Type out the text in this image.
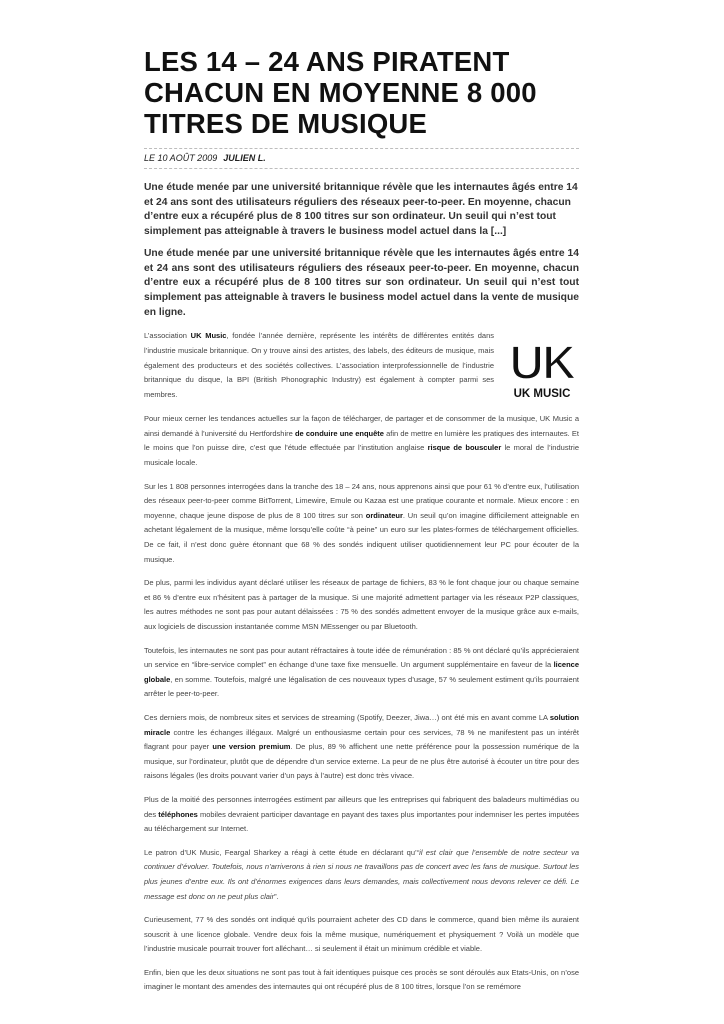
LES 14 – 24 ANS PIRATENT CHACUN EN MOYENNE 8 000 TITRES DE MUSIQUE
LE 10 AOÛT 2009 JULIEN L.

Une étude menée par une université britannique révèle que les internautes âgés entre 14 et 24 ans sont des utilisateurs réguliers des réseaux peer-to-peer. En moyenne, chacun d’entre eux a récupéré plus de 8 100 titres sur son ordinateur. Un seuil qui n’est tout simplement pas atteignable à travers le business model actuel dans la [...]

Une étude menée par une université britannique révèle que les internautes âgés entre 14 et 24 ans sont des utilisateurs réguliers des réseaux peer-to-peer. En moyenne, chacun d’entre eux a récupéré plus de 8 100 titres sur son ordinateur. Un seuil qui n’est tout simplement pas atteignable à travers le business model actuel dans la vente de musique en ligne.

UK
UK MUSIC

L’association UK Music, fondée l’année dernière, représente les intérêts de différentes entités dans l’industrie musicale britannique. On y trouve ainsi des artistes, des labels, des éditeurs de musique, mais également des producteurs et des sociétés collectives. L’association interprofessionnelle de l’industrie britannique du disque, la BPI (British Phonographic Industry) est également à compter parmi ses membres.

Pour mieux cerner les tendances actuelles sur la façon de télécharger, de partager et de consommer de la musique, UK Music a ainsi demandé à l’université du Hertfordshire de conduire une enquête afin de mettre en lumière les pratiques des internautes. Et le moins que l’on puisse dire, c’est que l’étude effectuée par l’institution anglaise risque de bousculer le moral de l’industrie musicale locale.

Sur les 1 808 personnes interrogées dans la tranche des 18 – 24 ans, nous apprenons ainsi que pour 61 % d’entre eux, l’utilisation des réseaux peer-to-peer comme BitTorrent, Limewire, Emule ou Kazaa est une pratique courante et normale. Mieux encore : en moyenne, chaque jeune dispose de plus de 8 100 titres sur son ordinateur. Un seuil qu’on imagine difficilement atteignable en achetant légalement de la musique, même lorsqu’elle coûte “à peine” un euro sur les plates-formes de téléchargement officielles. De ce fait, il n’est donc guère étonnant que 68 % des sondés indiquent utiliser quotidiennement leur PC pour écouter de la musique.

De plus, parmi les individus ayant déclaré utiliser les réseaux de partage de fichiers, 83 % le font chaque jour ou chaque semaine et 86 % d’entre eux n’hésitent pas à partager de la musique. Si une majorité admettent partager via les réseaux P2P classiques, les autres méthodes ne sont pas pour autant délaissées : 75 % des sondés admettent envoyer de la musique grâce aux e-mails, aux logiciels de discussion instantanée comme MSN MEssenger ou par Bluetooth.

Toutefois, les internautes ne sont pas pour autant réfractaires à toute idée de rémunération : 85 % ont déclaré qu’ils apprécieraient un service en “libre-service complet” en échange d’une taxe fixe mensuelle. Un argument supplémentaire en faveur de la licence globale, en somme. Toutefois, malgré une légalisation de ces nouveaux types d’usage, 57 % seulement estiment qu’ils pourraient arrêter le peer-to-peer.

Ces derniers mois, de nombreux sites et services de streaming (Spotify, Deezer, Jiwa…) ont été mis en avant comme LA solution miracle contre les échanges illégaux. Malgré un enthousiasme certain pour ces services, 78 % ne manifestent pas un intérêt flagrant pour payer une version premium. De plus, 89 % affichent une nette préférence pour la possession numérique de la musique, sur l’ordinateur, plutôt que de dépendre d’un service externe. La peur de ne plus être autorisé à écouter un titre pour des raisons légales (les droits pouvant varier d’un pays à l’autre) est donc très vivace.

Plus de la moitié des personnes interrogées estiment par ailleurs que les entreprises qui fabriquent des baladeurs multimédias ou des téléphones mobiles devraient participer davantage en payant des taxes plus importantes pour indemniser les pertes imputées au téléchargement sur Internet.

Le patron d’UK Music, Feargal Sharkey a réagi à cette étude en déclarant qu’“il est clair que l’ensemble de notre secteur va continuer d’évoluer. Toutefois, nous n’arriverons à rien si nous ne travaillons pas de concert avec les fans de musique. Surtout les plus jeunes d’entre eux. Ils ont d’énormes exigences dans leurs demandes, mais collectivement nous devons relever ce défi. Le message est donc on ne peut plus clair”.

Curieusement, 77 % des sondés ont indiqué qu’ils pourraient acheter des CD dans le commerce, quand bien même ils auraient souscrit à une licence globale. Vendre deux fois la même musique, numériquement et physiquement ? Voilà un modèle que l’industrie musicale pourrait trouver fort alléchant… si seulement il était un minimum crédible et viable.

Enfin, bien que les deux situations ne sont pas tout à fait identiques puisque ces procès se sont déroulés aux Etats-Unis, on n’ose imaginer le montant des amendes des internautes qui ont récupéré plus de 8 100 titres, lorsque l’on se remémore
